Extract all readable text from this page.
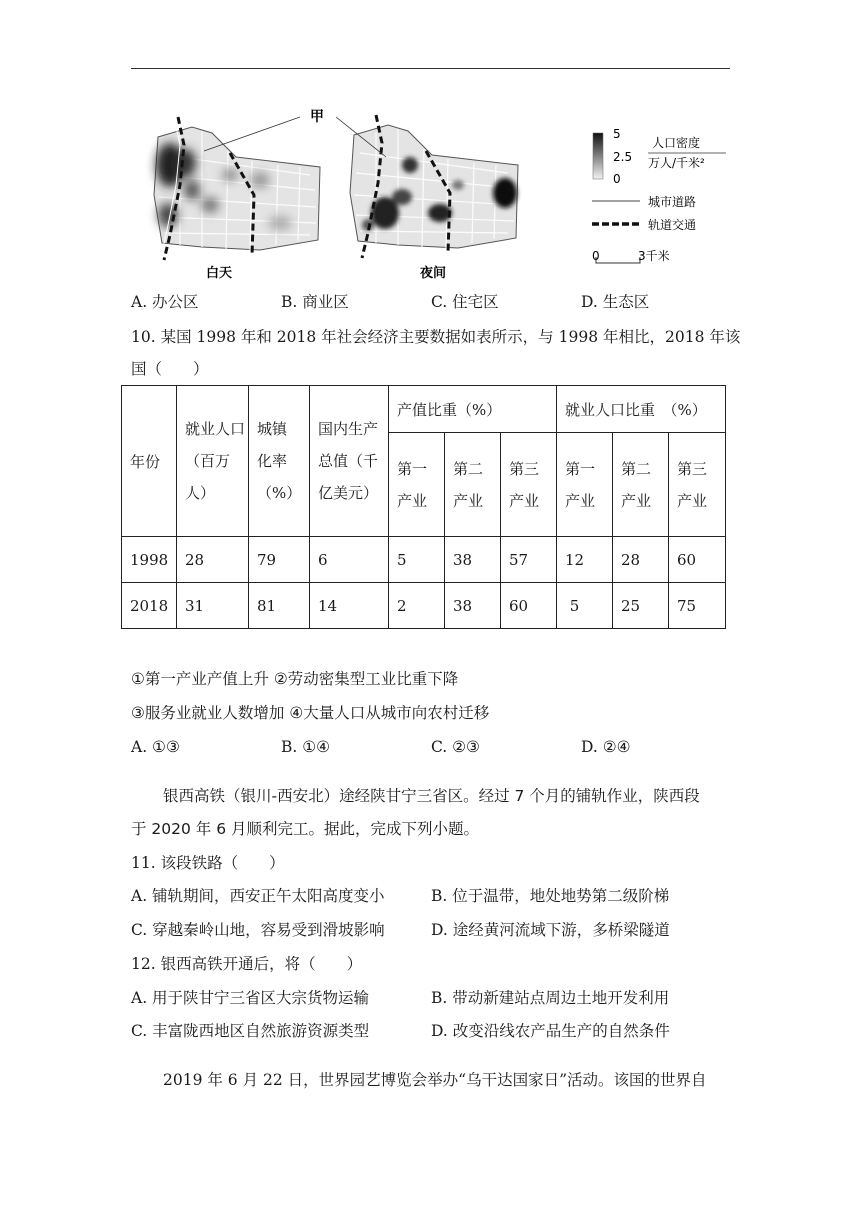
甲
白天	夜间
5
2.5
0
人口密度
万人/千米²
城市道路
轨道交通
0	3千米
A. 办公区	B. 商业区	C. 住宅区	D. 生态区
10. 某国 1998 年和 2018 年社会经济主要数据如表所示，与 1998 年相比，2018 年该
国（　　）
年份	就业人口（百万 人）	城镇化率（%）	国内生产总值（千亿美元）	产值比重（%）			就业人口比重　（%）		

				第一产业	第二产业	第三产业	第一产业	第二产业	第三产业

1998	28	79	6	5	38	57	12	28	60
2018	31	81	14	2	38	60	5	25	75
①第一产业产值上升 ②劳动密集型工业比重下降
③服务业就业人数增加 ④大量人口从城市向农村迁移
A. ①③	B. ①④	C. ②③	D. ②④
银西高铁（银川-西安北）途经陕甘宁三省区。经过 7 个月的铺轨作业，陕西段
于 2020 年 6 月顺利完工。据此，完成下列小题。
11. 该段铁路（　　）
A. 铺轨期间，西安正午太阳高度变小	B. 位于温带，地处地势第二级阶梯
C. 穿越秦岭山地，容易受到滑坡影响	D. 途经黄河流域下游，多桥梁隧道
12. 银西高铁开通后，将（　　）
A. 用于陕甘宁三省区大宗货物运输	B. 带动新建站点周边土地开发利用
C. 丰富陇西地区自然旅游资源类型	D. 改变沿线农产品生产的自然条件
2019 年 6 月 22 日，世界园艺博览会举办“乌干达国家日”活动。该国的世界自
